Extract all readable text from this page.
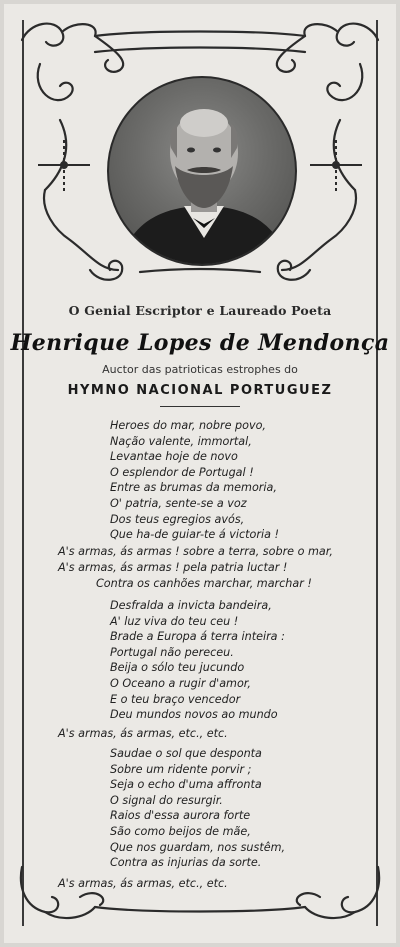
O Genial Escriptor e Laureado Poeta
Henrique Lopes de Mendonça
Auctor das patrioticas estrophes do
HYMNO NACIONAL PORTUGUEZ
Heroes do mar, nobre povo,
Nação valente, immortal,
Levantae hoje de novo
O esplendor de Portugal !
Entre as brumas da memoria,
O' patria, sente-se a voz
Dos teus egregios avós,
Que ha-de guiar-te á victoria !
A's armas, ás armas ! sobre a terra, sobre o mar,
A's armas, ás armas ! pela patria luctar !
Contra os canhões marchar, marchar !
Desfralda a invicta bandeira,
A' luz viva do teu ceu !
Brade a Europa á terra inteira :
Portugal não pereceu.
Beija o sólo teu jucundo
O Oceano a rugir d'amor,
E o teu braço vencedor
Deu mundos novos ao mundo
A's armas, ás armas, etc., etc.
Saudae o sol que desponta
Sobre um ridente porvir ;
Seja o echo d'uma affronta
O signal do resurgir.
Raios d'essa aurora forte
São como beijos de mãe,
Que nos guardam, nos sustêm,
Contra as injurias da sorte.
A's armas, ás armas, etc., etc.
